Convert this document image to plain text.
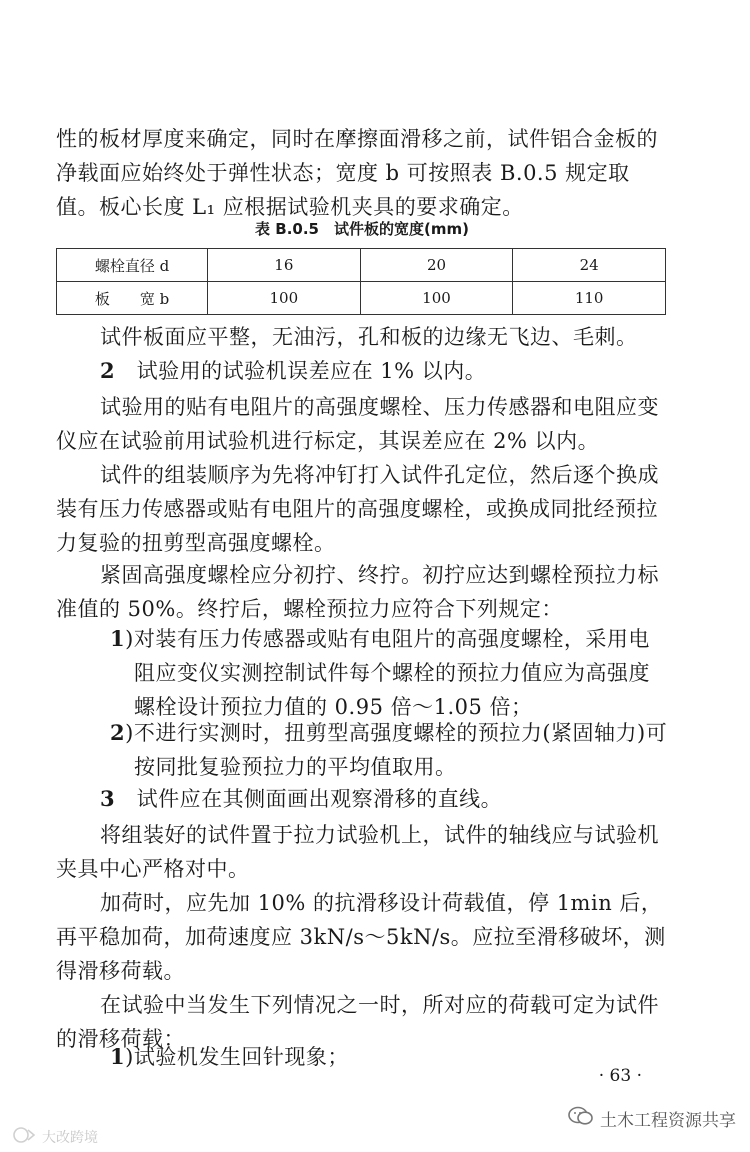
性的板材厚度来确定，同时在摩擦面滑移之前，试件铝合金板的净载面应始终处于弹性状态；宽度 b 可按照表 B.0.5 规定取值。板心长度 L₁ 应根据试验机夹具的要求确定。

表 B.0.5　试件板的宽度(mm)
螺栓直径 d	16	20	24
板　　宽 b	100	100	110

试件板面应平整，无油污，孔和板的边缘无飞边、毛刺。

2　 试验用的试验机误差应在 1% 以内。

试验用的贴有电阻片的高强度螺栓、压力传感器和电阻应变仪应在试验前用试验机进行标定，其误差应在 2% 以内。

试件的组装顺序为先将冲钉打入试件孔定位，然后逐个换成装有压力传感器或贴有电阻片的高强度螺栓，或换成同批经预拉力复验的扭剪型高强度螺栓。

紧固高强度螺栓应分初拧、终拧。初拧应达到螺栓预拉力标准值的 50%。终拧后，螺栓预拉力应符合下列规定：

1)对装有压力传感器或贴有电阻片的高强度螺栓，采用电阻应变仪实测控制试件每个螺栓的预拉力值应为高强度螺栓设计预拉力值的 0.95 倍～1.05 倍；

2)不进行实测时，扭剪型高强度螺栓的预拉力(紧固轴力)可按同批复验预拉力的平均值取用。

3　 试件应在其侧面画出观察滑移的直线。

将组装好的试件置于拉力试验机上，试件的轴线应与试验机夹具中心严格对中。

加荷时，应先加 10% 的抗滑移设计荷载值，停 1min 后，再平稳加荷，加荷速度应 3kN/s～5kN/s。应拉至滑移破坏，测得滑移荷载。

在试验中当发生下列情况之一时，所对应的荷载可定为试件的滑移荷载：

1)试验机发生回针现象；

· 63 ·
土木工程资源共享
大改跨境
